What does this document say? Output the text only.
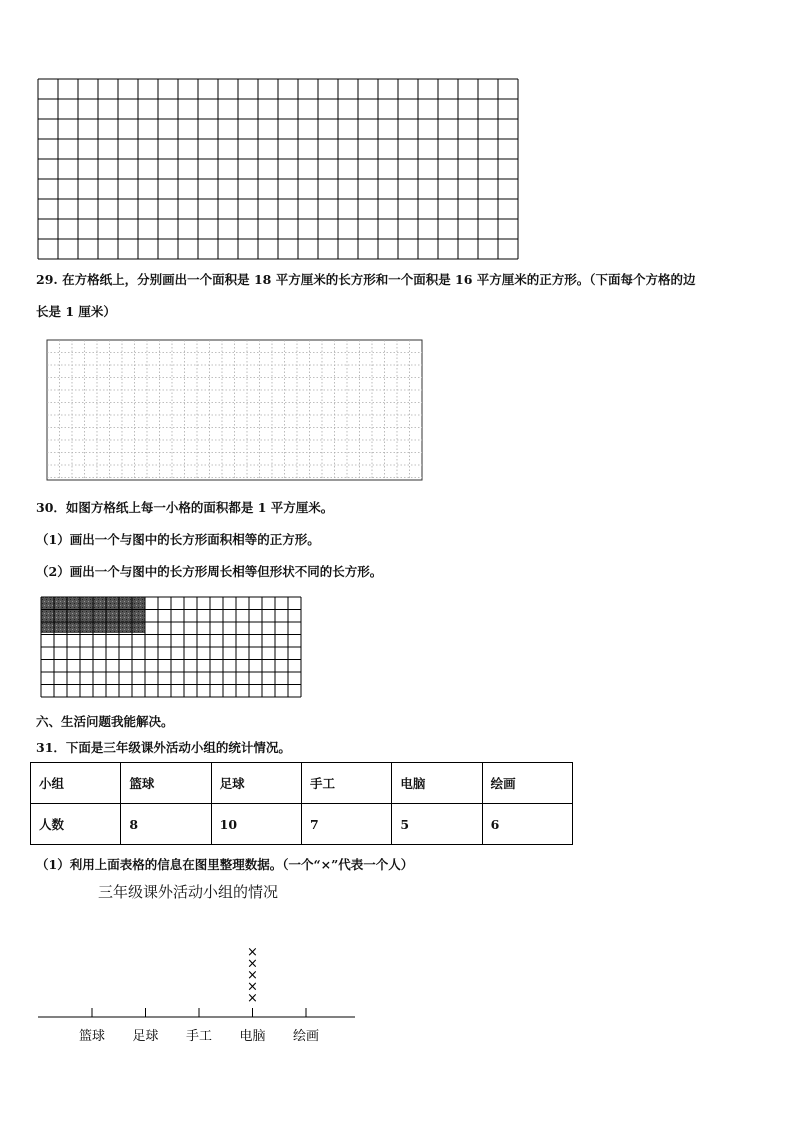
29. 在方格纸上，分别画出一个面积是 18 平方厘米的长方形和一个面积是 16 平方厘米的正方形。（下面每个方格的边
长是 1 厘米）
30．如图方格纸上每一小格的面积都是 1 平方厘米。
（1）画出一个与图中的长方形面积相等的正方形。
（2）画出一个与图中的长方形周长相等但形状不同的长方形。
六、生活问题我能解决。
31．下面是三年级课外活动小组的统计情况。
小组	篮球	足球	手工	电脑	绘画
人数	8	10	7	5	6
（1）利用上面表格的信息在图里整理数据。（一个“×”代表一个人）
三年级课外活动小组的情况
篮球 足球 手工 电脑 绘画
×
×
×
×
×
